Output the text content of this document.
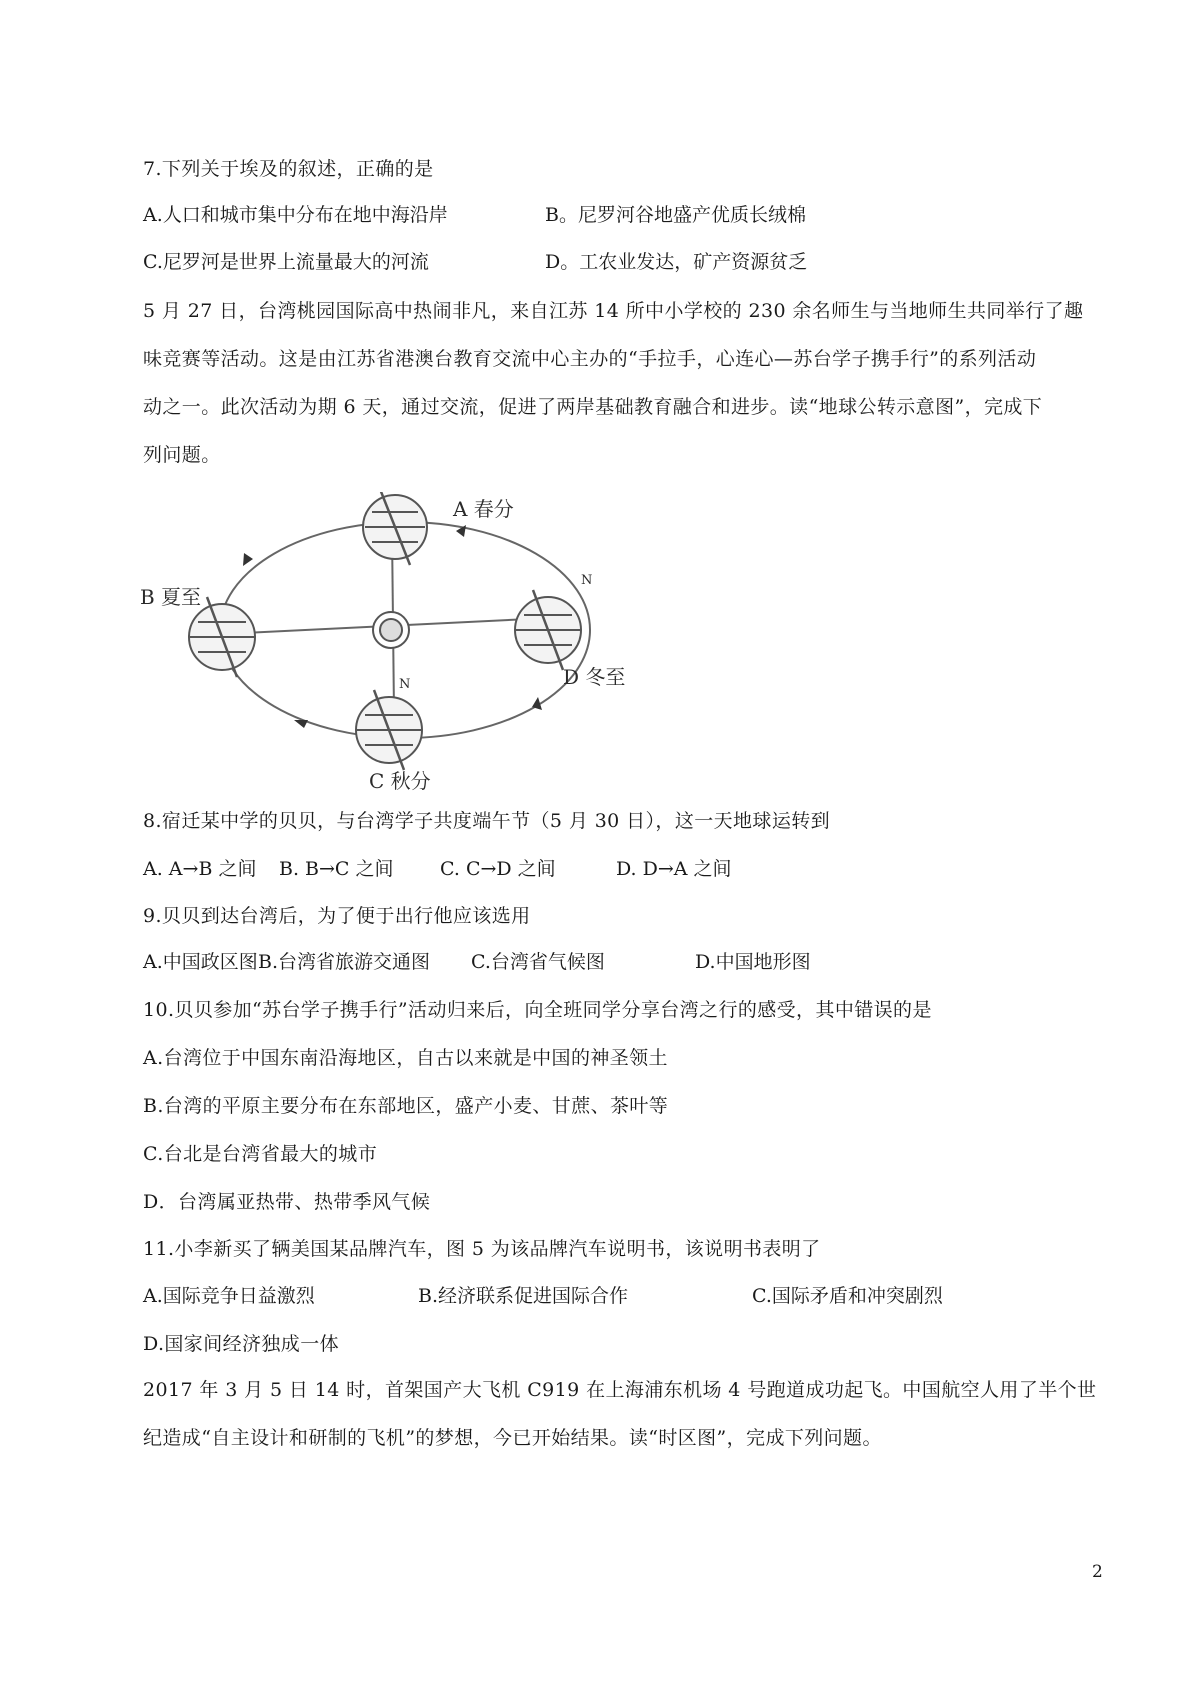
7.下列关于埃及的叙述，正确的是
A.人口和城市集中分布在地中海沿岸	B。尼罗河谷地盛产优质长绒棉
C.尼罗河是世界上流量最大的河流	D。工农业发达，矿产资源贫乏
5 月 27 日，台湾桃园国际高中热闹非凡，来自江苏 14 所中小学校的 230 余名师生与当地师生共同举行了趣
味竞赛等活动。这是由江苏省港澳台教育交流中心主办的“手拉手，心连心—苏台学子携手行”的系列活动
动之一。此次活动为期 6 天，通过交流，促进了两岸基础教育融合和进步。读“地球公转示意图”，完成下
列问题。
A 春分
B 夏至
C 秋分
D 冬至
N
N
8.宿迁某中学的贝贝，与台湾学子共度端午节（5 月 30 日），这一天地球运转到
A. A→B 之间 B. B→C 之间 C. C→D 之间	D. D→A 之间
9.贝贝到达台湾后，为了便于出行他应该选用
A.中国政区图 B.台湾省旅游交通图 C.台湾省气候图	D.中国地形图
10.贝贝参加“苏台学子携手行”活动归来后，向全班同学分享台湾之行的感受，其中错误的是
A.台湾位于中国东南沿海地区，自古以来就是中国的神圣领土
B.台湾的平原主要分布在东部地区，盛产小麦、甘蔗、茶叶等
C.台北是台湾省最大的城市
D．台湾属亚热带、热带季风气候
11.小李新买了辆美国某品牌汽车，图 5 为该品牌汽车说明书，该说明书表明了
A.国际竞争日益激烈	B.经济联系促进国际合作	C.国际矛盾和冲突剧烈
D.国家间经济独成一体
2017 年 3 月 5 日 14 时，首架国产大飞机 C919 在上海浦东机场 4 号跑道成功起飞。中国航空人用了半个世
纪造成“自主设计和研制的飞机”的梦想，今已开始结果。读“时区图”，完成下列问题。
2
